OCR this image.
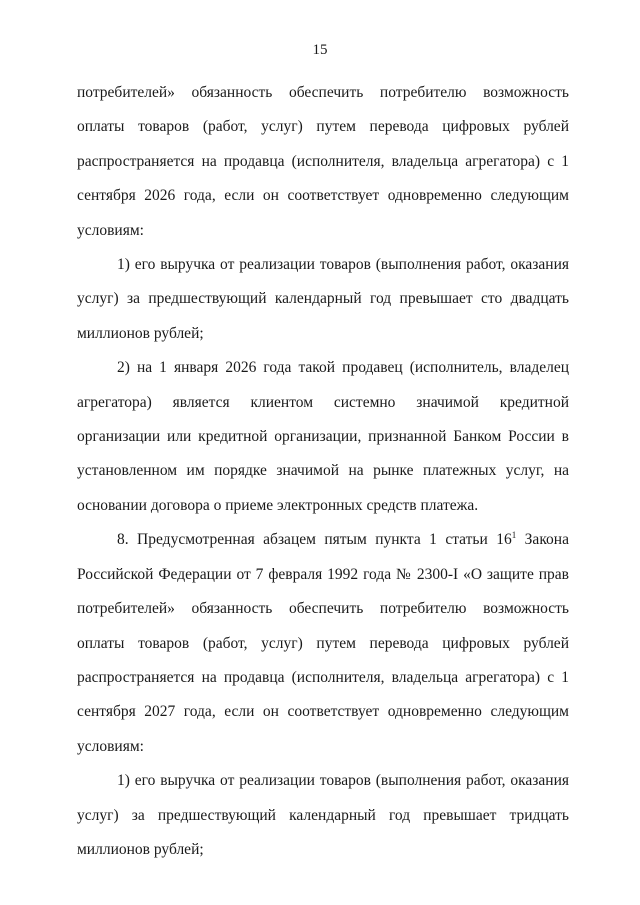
15

потребителей» обязанность обеспечить потребителю возможность оплаты товаров (работ, услуг) путем перевода цифровых рублей распространяется на продавца (исполнителя, владельца агрегатора) с 1 сентября 2026 года, если он соответствует одновременно следующим условиям:

1) его выручка от реализации товаров (выполнения работ, оказания услуг) за предшествующий календарный год превышает сто двадцать миллионов рублей;

2) на 1 января 2026 года такой продавец (исполнитель, владелец агрегатора) является клиентом системно значимой кредитной организации или кредитной организации, признанной Банком России в установленном им порядке значимой на рынке платежных услуг, на основании договора о приеме электронных средств платежа.

8. Предусмотренная абзацем пятым пункта 1 статьи $16^1$ Закона Российской Федерации от 7 февраля 1992 года № 2300-I «О защите прав потребителей» обязанность обеспечить потребителю возможность оплаты товаров (работ, услуг) путем перевода цифровых рублей распространяется на продавца (исполнителя, владельца агрегатора) с 1 сентября 2027 года, если он соответствует одновременно следующим условиям:

1) его выручка от реализации товаров (выполнения работ, оказания услуг) за предшествующий календарный год превышает тридцать миллионов рублей;
